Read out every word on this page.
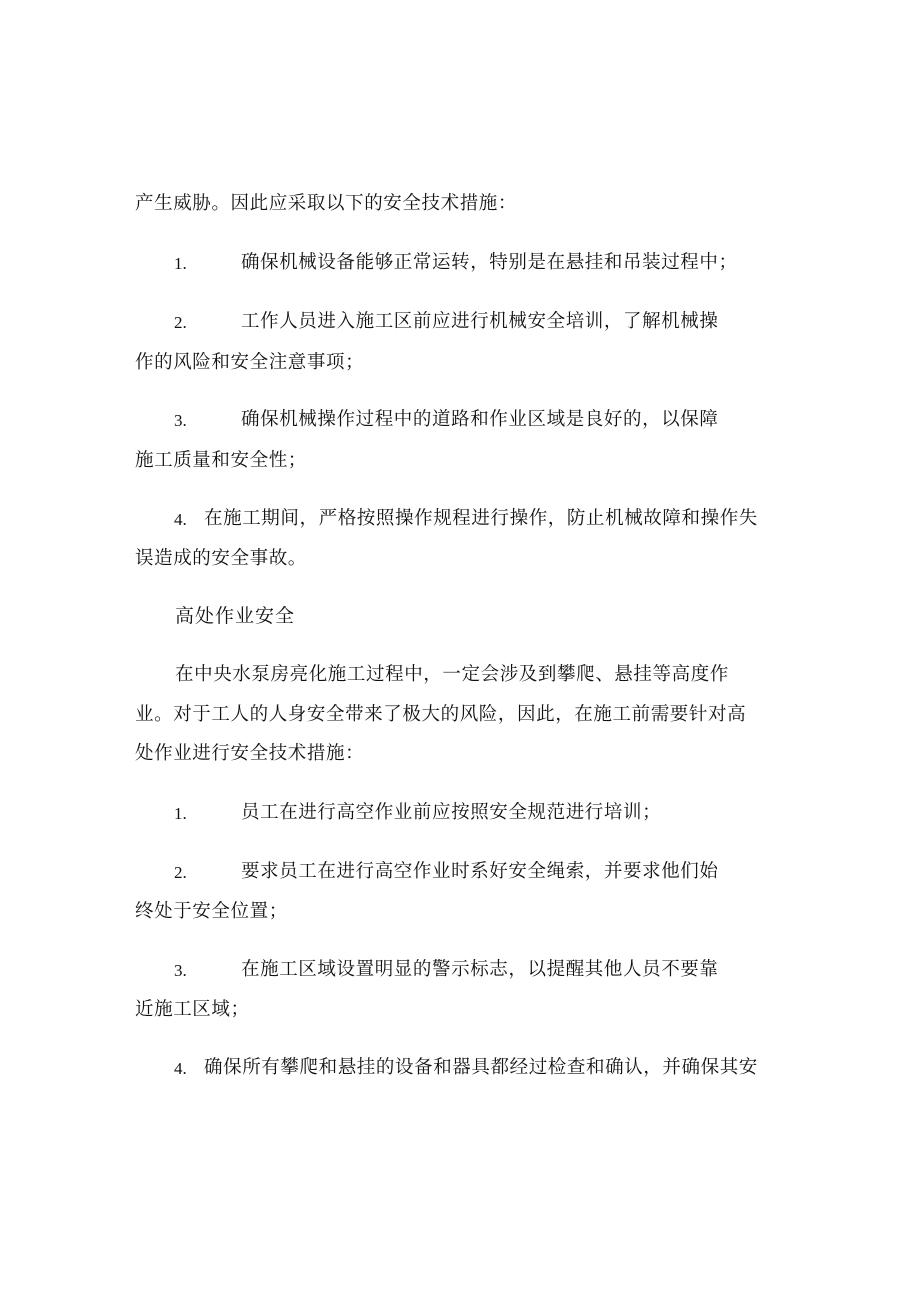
产生威胁。因此应采取以下的安全技术措施：
1.	确保机械设备能够正常运转，特别是在悬挂和吊装过程中；
2.	工作人员进入施工区前应进行机械安全培训，了解机械操
作的风险和安全注意事项；
3.	确保机械操作过程中的道路和作业区域是良好的，以保障
施工质量和安全性；
4. 在施工期间，严格按照操作规程进行操作，防止机械故障和操作失
误造成的安全事故。
高处作业安全
在中央水泵房亮化施工过程中，一定会涉及到攀爬、悬挂等高度作
业。对于工人的人身安全带来了极大的风险，因此，在施工前需要针对高
处作业进行安全技术措施：
1.	员工在进行高空作业前应按照安全规范进行培训；
2.	要求员工在进行高空作业时系好安全绳索，并要求他们始
终处于安全位置；
3.	在施工区域设置明显的警示标志，以提醒其他人员不要靠
近施工区域；
4. 确保所有攀爬和悬挂的设备和器具都经过检查和确认，并确保其安
